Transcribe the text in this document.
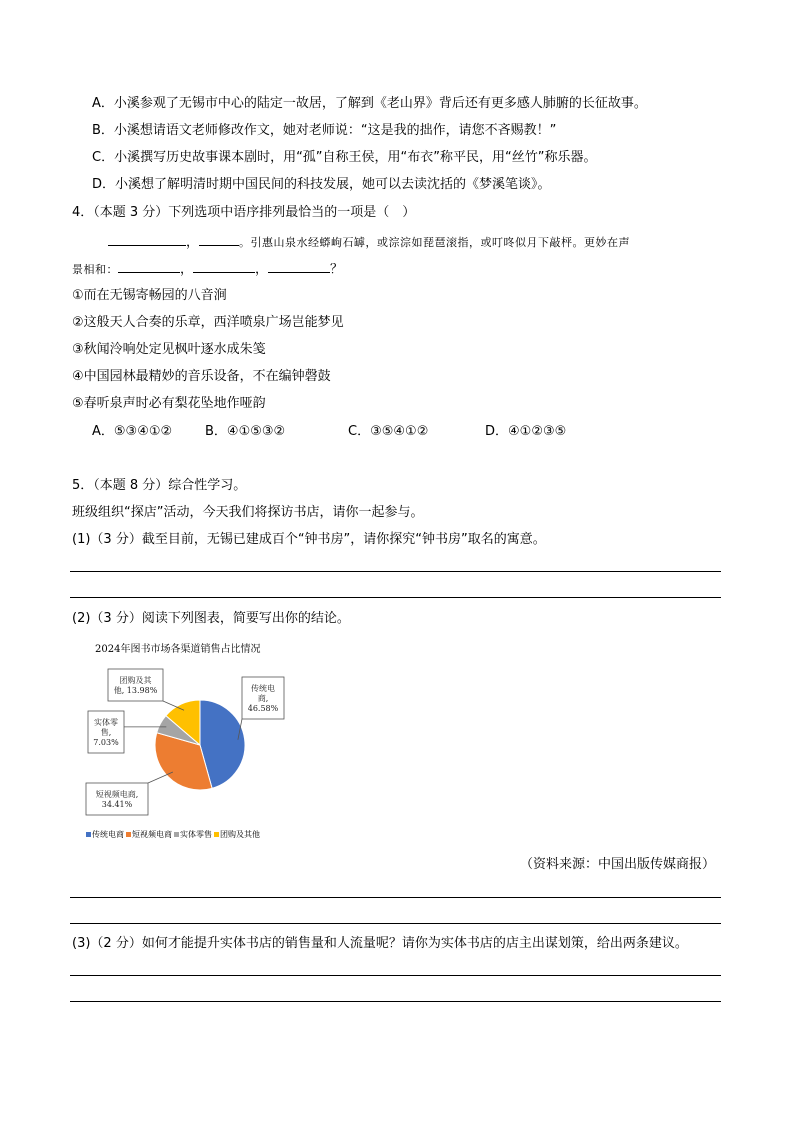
A．小溪参观了无锡市中心的陆定一故居，了解到《老山界》背后还有更多感人肺腑的长征故事。
B．小溪想请语文老师修改作文，她对老师说：“这是我的拙作，请您不吝赐教！”
C．小溪撰写历史故事课本剧时，用“孤”自称王侯，用“布衣”称平民，用“丝竹”称乐器。
D．小溪想了解明清时期中国民间的科技发展，她可以去读沈括的《梦溪笔谈》。
4．（本题 3 分）下列选项中语序排列最恰当的一项是（　）
，	。引惠山泉水经蟒岣石罅，或淙淙如琵琶滚指，或叮咚似月下敲枰。更妙在声
景相和：	，	，	？
①而在无锡寄畅园的八音涧
②这般天人合奏的乐章，西洋喷泉广场岂能梦见
③秋闻泠响处定见枫叶逐水成朱笺
④中国园林最精妙的音乐设备，不在编钟磬鼓
⑤春听泉声时必有梨花坠地作哑韵
A．⑤③④①②	B．④①⑤③②	C．③⑤④①②	D．④①②③⑤
5．（本题 8 分）综合性学习。
班级组织“探店”活动，今天我们将探访书店，请你一起参与。
(1)（3 分）截至目前，无锡已建成百个“钟书房”，请你探究“钟书房”取名的寓意。
(2)（3 分）阅读下列图表，简要写出你的结论。
2024年图书市场各渠道销售占比情况
传统电
商,
46.58%
短视频电商,
34.41%
实体零
售,
7.03%
团购及其
他, 13.98%
传统电商 短视频电商 实体零售 团购及其他
（资料来源：中国出版传媒商报）
(3)（2 分）如何才能提升实体书店的销售量和人流量呢？请你为实体书店的店主出谋划策，给出两条建议。
